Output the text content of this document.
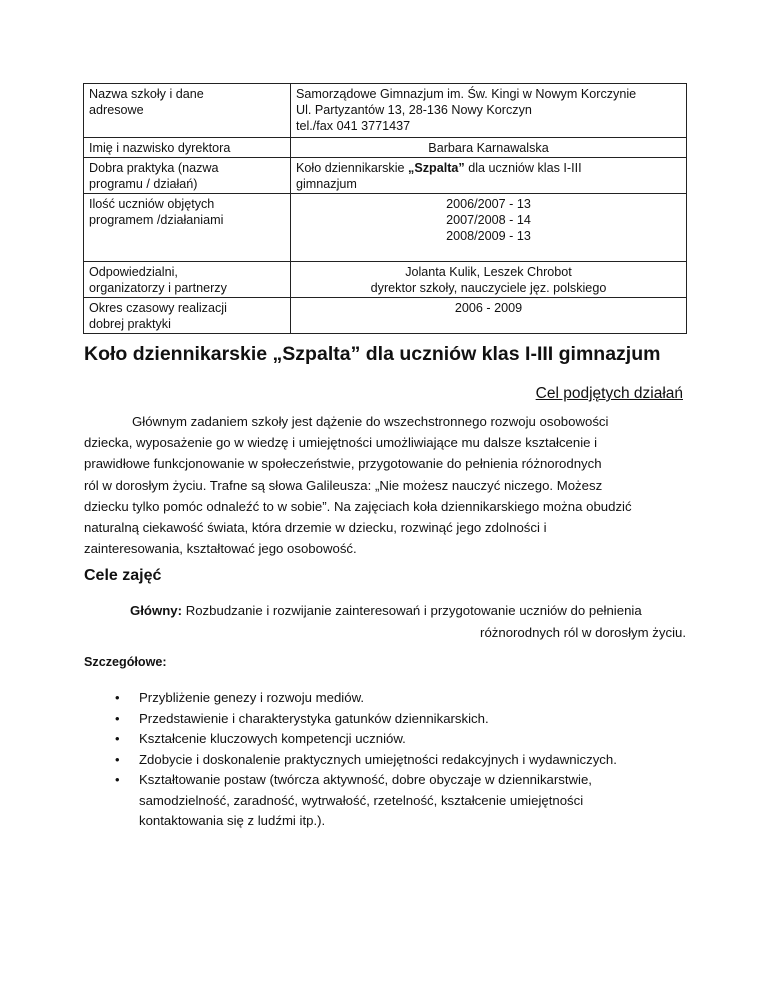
Nazwa szkoły i dane
adresowe	Samorządowe Gimnazjum im. Św. Kingi w Nowym Korczynie
Ul. Partyzantów 13, 28-136 Nowy Korczyn
tel./fax 041 3771437

Imię i nazwisko dyrektora	Barbara Karnawalska

Dobra praktyka (nazwa
programu / działań)	Koło dziennikarskie „Szpalta” dla uczniów klas I-III
gimnazjum

Ilość uczniów objętych
programem /działaniami	2006/2007 - 13
2007/2008 - 14
2008/2009 - 13

Odpowiedzialni,
organizatorzy i partnerzy	Jolanta Kulik, Leszek Chrobot
dyrektor szkoły, nauczyciele jęz. polskiego

Okres czasowy realizacji
dobrej praktyki	2006 - 2009
Koło dziennikarskie „Szpalta” dla uczniów klas I-III gimnazjum
Cel podjętych działań

Głównym zadaniem szkoły jest dążenie do wszechstronnego rozwoju osobowości
dziecka, wyposażenie go w wiedzę i umiejętności umożliwiające mu dalsze kształcenie i
prawidłowe funkcjonowanie w społeczeństwie, przygotowanie do pełnienia różnorodnych
ról w dorosłym życiu. Trafne są słowa Galileusza: „Nie możesz nauczyć niczego. Możesz
dziecku tylko pomóc odnaleźć to w sobie”. Na zajęciach koła dziennikarskiego można obudzić
naturalną ciekawość świata, która drzemie w dziecku, rozwinąć jego zdolności i
zainteresowania, kształtować jego osobowość.

Cele zajęć
Główny: Rozbudzanie i rozwijanie zainteresowań i przygotowanie uczniów do pełnienia
różnorodnych ról w dorosłym życiu.
Szczegółowe:
• Przybliżenie genezy i rozwoju mediów.
• Przedstawienie i charakterystyka gatunków dziennikarskich.
• Kształcenie kluczowych kompetencji uczniów.
• Zdobycie i doskonalenie praktycznych umiejętności redakcyjnych i wydawniczych.
• Kształtowanie postaw (twórcza aktywność, dobre obyczaje w dziennikarstwie,
samodzielność, zaradność, wytrwałość, rzetelność, kształcenie umiejętności
kontaktowania się z ludźmi itp.).
